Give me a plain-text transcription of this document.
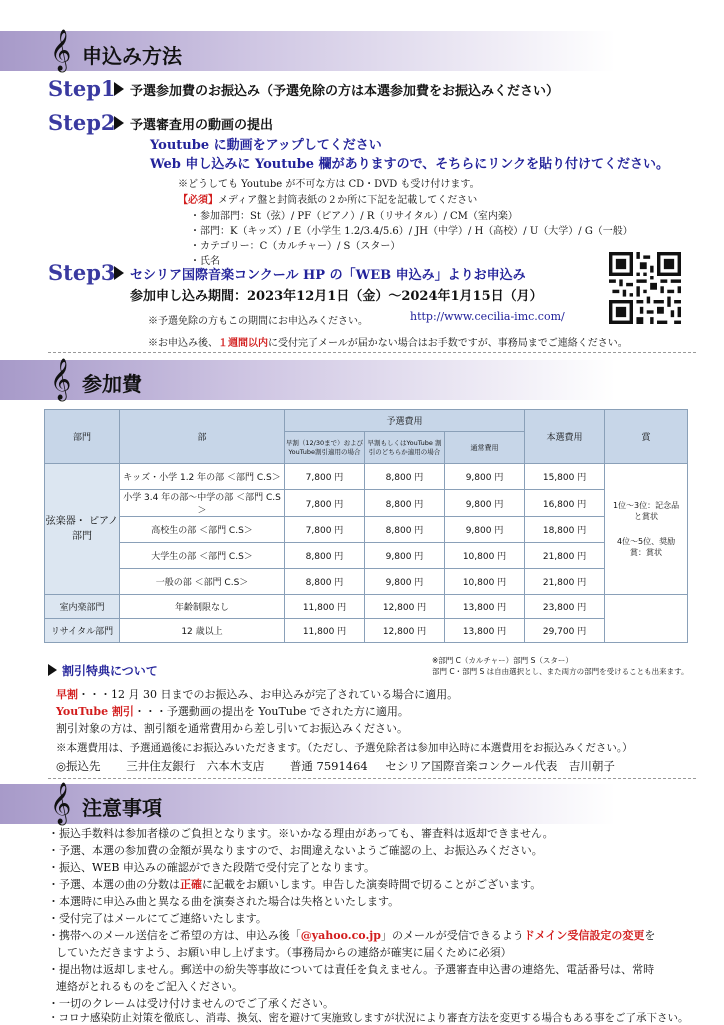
𝄞 申込み方法
Step1 予選参加費のお振込み（予選免除の方は本選参加費をお振込みください）
Step2 予選審査用の動画の提出
Youtube に動画をアップしてください
Web 申し込みに Youtube 欄がありますので、そちらにリンクを貼り付けてください。
※どうしても Youtube が不可な方は CD・DVD も受け付けます。
【必須】メディア盤と封筒表紙の２か所に下記を記載してください
・参加部門：St（弦）/ PF（ピアノ）/ R（リサイタル）/ CM（室内楽）
・部門：K（キッズ）/ E（小学生 1.2/3.4/5.6）/ JH（中学）/ H（高校）/ U（大学）/ G（一般）
・カテゴリー：C（カルチャー）/ S（スター）
・氏名
Step3 セシリア国際音楽コンクール HP の「WEB 申込み」よりお申込み
参加申し込み期間：2023年12月1日（金）～2024年1月15日（月）
※予選免除の方もこの期間にお申込みください。	http://www.cecilia-imc.com/
※お申込み後、１週間以内に受付完了メールが届かない場合はお手数ですが、事務局までご連絡ください。
𝄞 参加費
部門	部	予選費用			本選費用	賞
		早割（12/30まで）および YouTube割引適用の場合	早割もしくはYouTube 割引のどちらか適用の場合	通常費用		
弦楽器・ ピアノ部門	キッズ・小学 1.2 年の部 ＜部門 C.S＞	7,800 円	8,800 円	9,800 円	15,800 円	1位～3位：記念品と賞状
4位～5位、奨励賞：賞状

	小学 3.4 年の部～中学の部 ＜部門 C.S＞	7,800 円	8,800 円	9,800 円	16,800 円	
	高校生の部 ＜部門 C.S＞	7,800 円	8,800 円	9,800 円	18,800 円	
	大学生の部 ＜部門 C.S＞	8,800 円	9,800 円	10,800 円	21,800 円	
	一般の部 ＜部門 C.S＞	8,800 円	9,800 円	10,800 円	21,800 円	
室内楽部門	年齢制限なし	11,800 円	12,800 円	13,800 円	23,800 円	
リサイタル部門	12 歳以上	11,800 円	12,800 円	13,800 円	29,700 円	
※部門 C（カルチャー）部門 S（スター）
部門 C・部門 S は自由選択とし、また両方の部門を受けることも出来ます。
割引特典について
早割・・・12 月 30 日までのお振込み、お申込みが完了されている場合に適用。
YouTube 割引・・・予選動画の提出を YouTube でされた方に適用。
割引対象の方は、割引額を通常費用から差し引いてお振込みください。
※本選費用は、予選通過後にお振込みいただきます。（ただし、予選免除者は参加申込時に本選費用をお振込みください。）
◎振込先 三井住友銀行　六本木支店 普通 7591464 セシリア国際音楽コンクール代表　吉川朝子
𝄞 注意事項
・振込手数料は参加者様のご負担となります。※いかなる理由があっても、審査料は返却できません。
・予選、本選の参加費の金額が異なりますので、お間違えないようご確認の上、お振込みください。
・振込、WEB 申込みの確認ができた段階で受付完了となります。
・予選、本選の曲の分数は正確に記載をお願いします。申告した演奏時間で切ることがございます。
・本選時に申込み曲と異なる曲を演奏された場合は失格といたします。
・受付完了はメールにてご連絡いたします。
・携帯へのメール送信をご希望の方は、申込み後「@yahoo.co.jp」のメールが受信できるようドメイン受信設定の変更を
していただきますよう、お願い申し上げます。（事務局からの連絡が確実に届くために必須）
・提出物は返却しません。郵送中の紛失等事故については責任を負えません。予選審査申込書の連絡先、電話番号は、常時
連絡がとれるものをご記入ください。
・一切のクレームは受け付けませんのでご了承ください。
・コロナ感染防止対策を徹底し、消毒、換気、密を避けて実施致しますが状況により審査方法を変更する場合もある事をご了承下さい。
